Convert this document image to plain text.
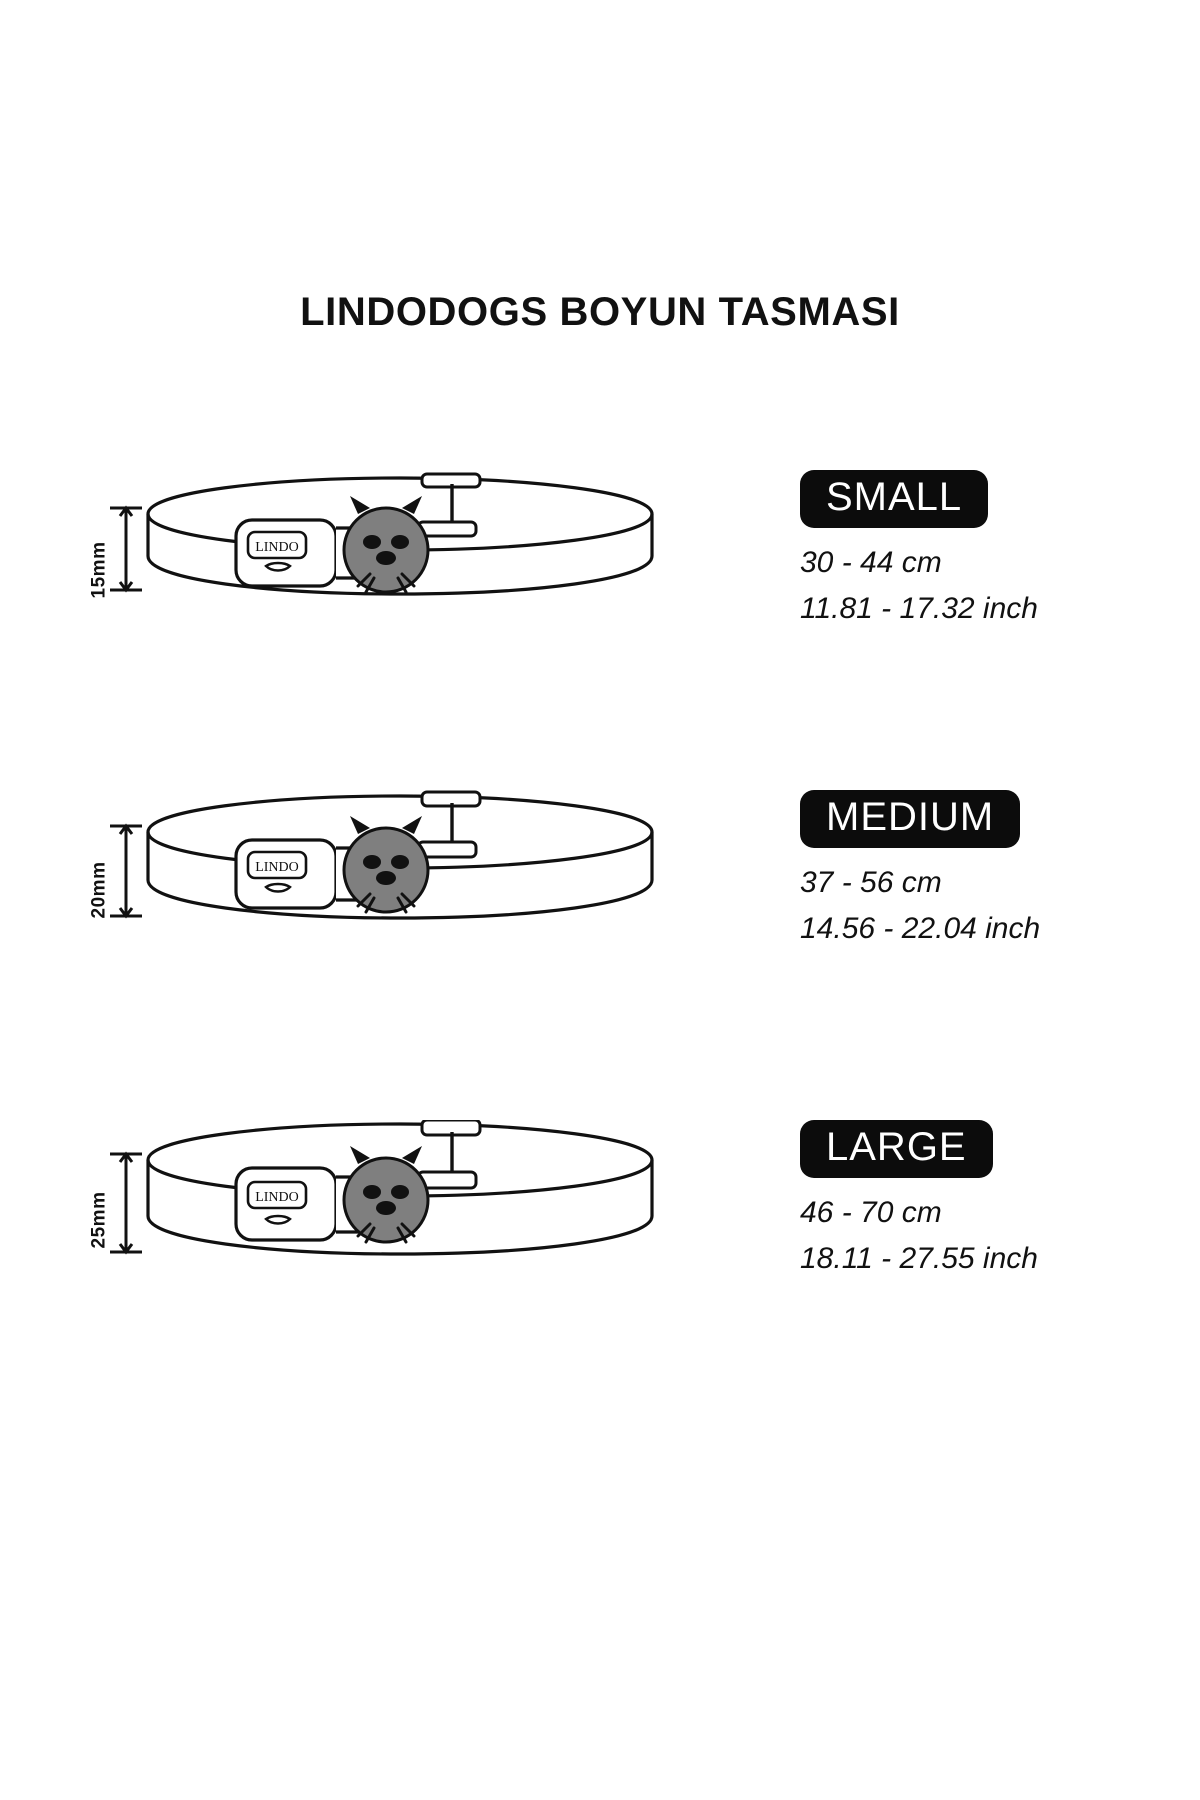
LINDODOGS BOYUN TASMASI
LINDO
15mm
SMALL
30 - 44 cm
11.81 - 17.32 inch
LINDO
20mm
MEDIUM
37 - 56 cm
14.56 - 22.04 inch
LINDO
25mm
LARGE
46 - 70 cm
18.11 - 27.55 inch
